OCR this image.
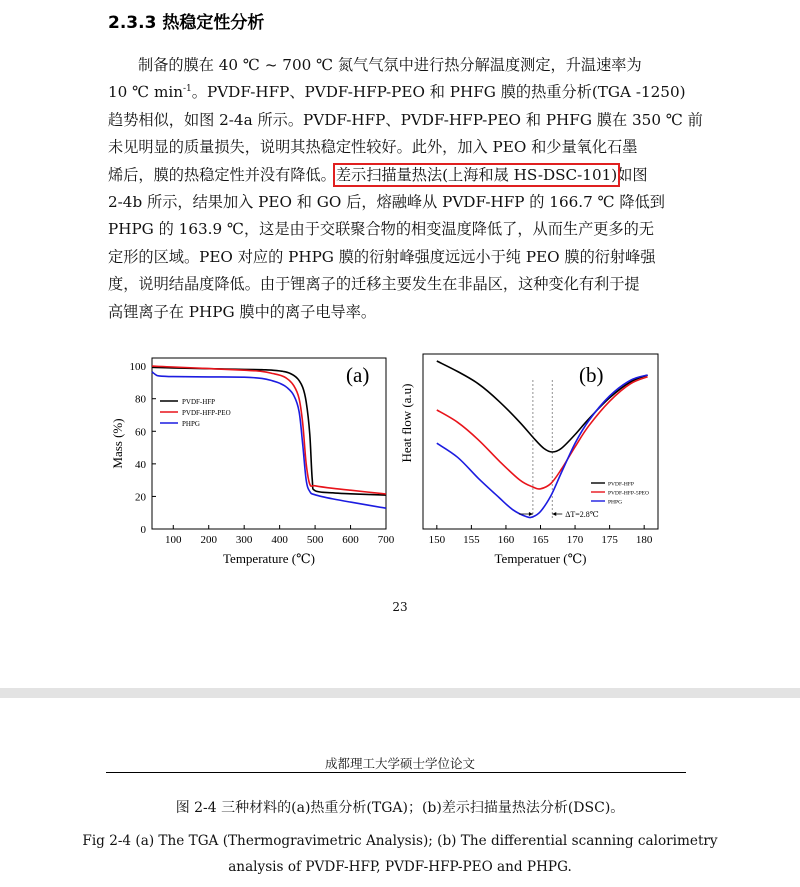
2.3.3 热稳定性分析
制备的膜在 40 ℃ ~ 700 ℃ 氮气气氛中进行热分解温度测定，升温速率为
10 ℃ $\min^{-1}$。PVDF-HFP、PVDF-HFP-PEO 和 PHFG 膜的热重分析(TGA -1250)
趋势相似，如图 2-4a 所示。PVDF-HFP、PVDF-HFP-PEO 和 PHFG 膜在 350 ℃ 前
未见明显的质量损失，说明其热稳定性较好。此外，加入 PEO 和少量氧化石墨
烯后，膜的热稳定性并没有降低。差示扫描量热法(上海和晟 HS-DSC-101)如图
2-4b 所示，结果加入 PEO 和 GO 后，熔融峰从 PVDF-HFP 的 166.7 ℃ 降低到
PHPG 的 163.9 ℃，这是由于交联聚合物的相变温度降低了，从而生产更多的无
定形的区域。PEO 对应的 PHPG 膜的衍射峰强度远远小于纯 PEO 膜的衍射峰强
度，说明结晶度降低。由于锂离子的迁移主要发生在非晶区，这种变化有利于提
高锂离子在 PHPG 膜中的离子电导率。
100 200 300 400 500 600 700
0
20
40
60
80
100
PVDF-HFP
PVDF-HFP-PEO
PHPG
(a)
Temperature (℃)
Mass (%)
150 155 160 165 170 175 180
ΔT=2.8℃
PVDF-HFP
PVDF-HFP-5PEO
PHPG
(b)
Temperatuer (℃)
Heat flow (a.u)
23
成都理工大学硕士学位论文
图 2-4 三种材料的(a)热重分析(TGA)；(b)差示扫描量热法分析(DSC)。
Fig 2-4 (a) The TGA (Thermogravimetric Analysis); (b) The differential scanning calorimetry
analysis of PVDF-HFP, PVDF-HFP-PEO and PHPG.
